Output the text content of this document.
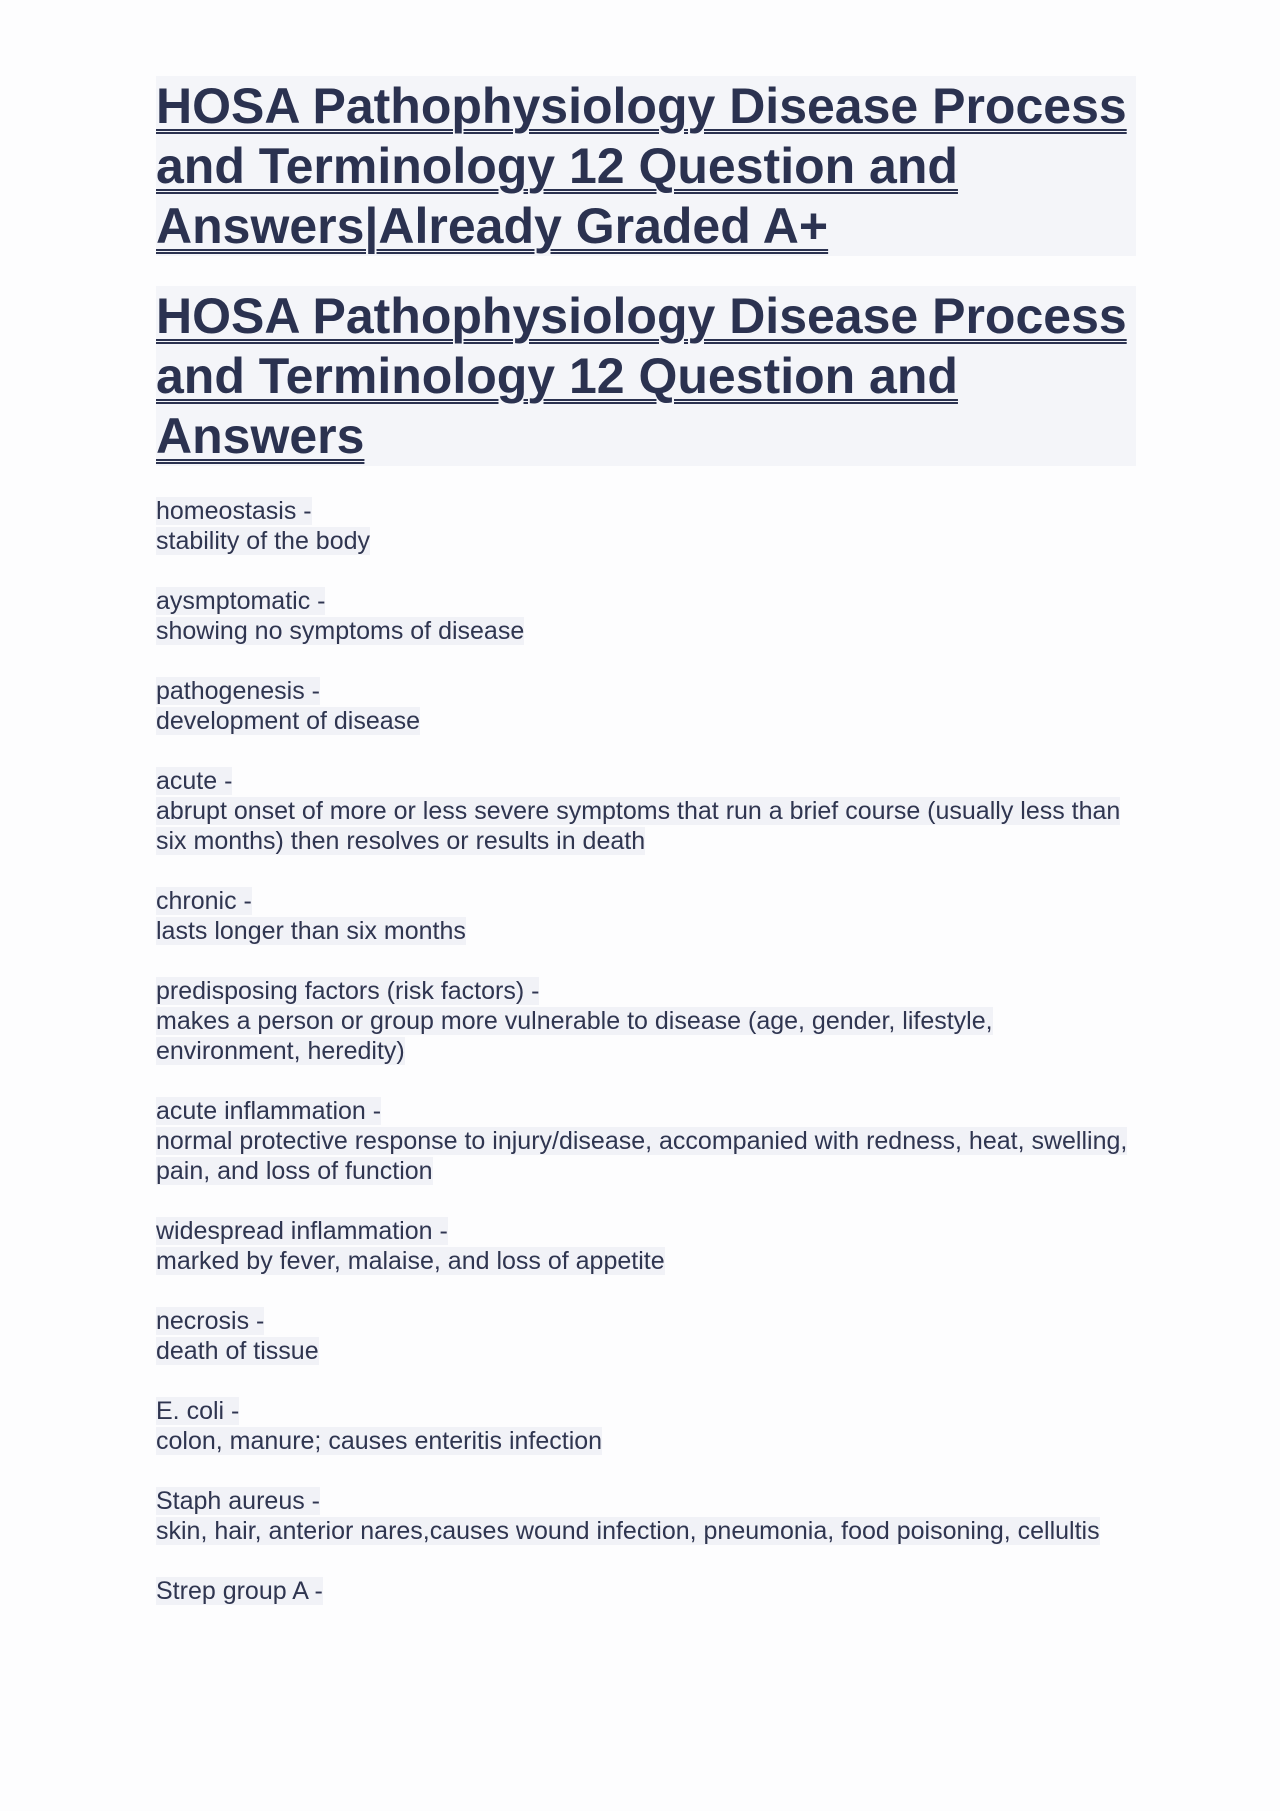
HOSA Pathophysiology Disease Process and Terminology 12 Question and Answers|Already Graded A+
HOSA Pathophysiology Disease Process and Terminology 12 Question and Answers
homeostasis -
stability of the body
aysmptomatic -
showing no symptoms of disease
pathogenesis -
development of disease
acute -
abrupt onset of more or less severe symptoms that run a brief course (usually less than six months) then resolves or results in death
chronic -
lasts longer than six months
predisposing factors (risk factors) -
makes a person or group more vulnerable to disease (age, gender, lifestyle, environment, heredity)
acute inflammation -
normal protective response to injury/disease, accompanied with redness, heat, swelling, pain, and loss of function
widespread inflammation -
marked by fever, malaise, and loss of appetite
necrosis -
death of tissue
E. coli -
colon, manure; causes enteritis infection
Staph aureus -
skin, hair, anterior nares,causes wound infection, pneumonia, food poisoning, cellultis
Strep group A -
